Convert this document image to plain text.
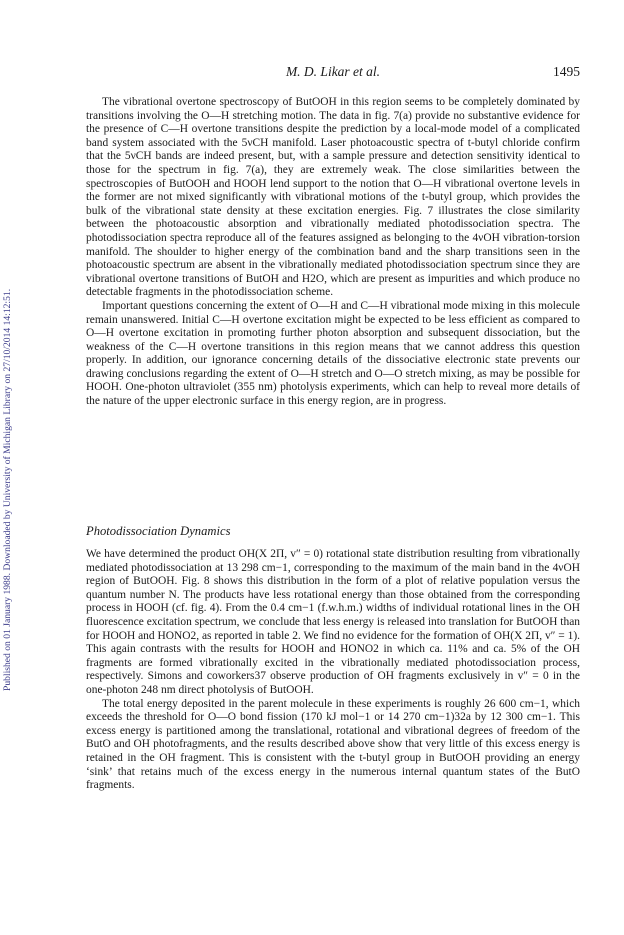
Published on 01 January 1988. Downloaded by University of Michigan Library on 27/10/2014 14:12:51.
M. D. Likar et al.	1495

The vibrational overtone spectroscopy of ButOOH in this region seems to be completely dominated by transitions involving the O—H stretching motion. The data in fig. 7(a) provide no substantive evidence for the presence of C—H overtone transitions despite the prediction by a local-mode model of a complicated band system associated with the 5νCH manifold. Laser photoacoustic spectra of t-butyl chloride confirm that the 5νCH bands are indeed present, but, with a sample pressure and detection sensitivity identical to those for the spectrum in fig. 7(a), they are extremely weak. The close similarities between the spectroscopies of ButOOH and HOOH lend support to the notion that O—H vibrational overtone levels in the former are not mixed significantly with vibrational motions of the t-butyl group, which provides the bulk of the vibrational state density at these excitation energies. Fig. 7 illustrates the close similarity between the photoacoustic absorption and vibrationally mediated photodissociation spectra. The photodissociation spectra reproduce all of the features assigned as belonging to the 4νOH vibration-torsion manifold. The shoulder to higher energy of the combination band and the sharp transitions seen in the photoacoustic spectrum are absent in the vibrationally mediated photodissociation spectrum since they are vibrational overtone transitions of ButOH and H2O, which are present as impurities and which produce no detectable fragments in the photodissociation scheme.

Important questions concerning the extent of O—H and C—H vibrational mode mixing in this molecule remain unanswered. Initial C—H overtone excitation might be expected to be less efficient as compared to O—H overtone excitation in promoting further photon absorption and subsequent dissociation, but the weakness of the C—H overtone transitions in this region means that we cannot address this question properly. In addition, our ignorance concerning details of the dissociative electronic state prevents our drawing conclusions regarding the extent of O—H stretch and O—O stretch mixing, as may be possible for HOOH. One-photon ultraviolet (355 nm) photolysis experiments, which can help to reveal more details of the nature of the upper electronic surface in this energy region, are in progress.

Photodissociation Dynamics

We have determined the product OH(X 2Π, v″ = 0) rotational state distribution resulting from vibrationally mediated photodissociation at 13 298 cm−1, corresponding to the maximum of the main band in the 4νOH region of ButOOH. Fig. 8 shows this distribution in the form of a plot of relative population versus the quantum number N. The products have less rotational energy than those obtained from the corresponding process in HOOH (cf. fig. 4). From the 0.4 cm−1 (f.w.h.m.) widths of individual rotational lines in the OH fluorescence excitation spectrum, we conclude that less energy is released into translation for ButOOH than for HOOH and HONO2, as reported in table 2. We find no evidence for the formation of OH(X 2Π, v″ = 1). This again contrasts with the results for HOOH and HONO2 in which ca. 11% and ca. 5% of the OH fragments are formed vibrationally excited in the vibrationally mediated photodissociation process, respectively. Simons and coworkers37 observe production of OH fragments exclusively in v″ = 0 in the one-photon 248 nm direct photolysis of ButOOH.

The total energy deposited in the parent molecule in these experiments is roughly 26 600 cm−1, which exceeds the threshold for O—O bond fission (170 kJ mol−1 or 14 270 cm−1)32a by 12 300 cm−1. This excess energy is partitioned among the translational, rotational and vibrational degrees of freedom of the ButO and OH photofragments, and the results described above show that very little of this excess energy is retained in the OH fragment. This is consistent with the t-butyl group in ButOOH providing an energy ‘sink’ that retains much of the excess energy in the numerous internal quantum states of the ButO fragments.
